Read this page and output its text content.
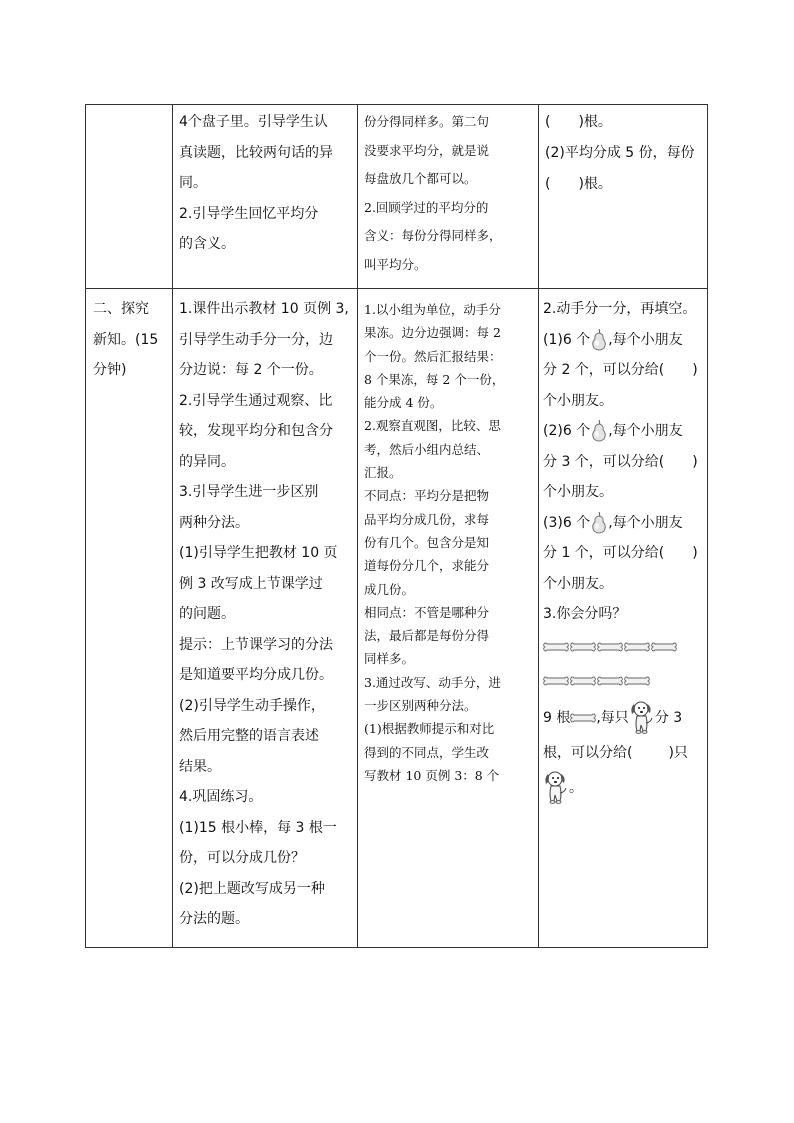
4个盘子里。引导学生认

真读题，比较两句话的异

同。

2.引导学生回忆平均分

的含义。

份分得同样多。第二句

没要求平均分，就是说

每盘放几个都可以。

2.回顾学过的平均分的

含义：每份分得同样多，

叫平均分。

(　　)根。

(2)平均分成 5 份，每份

(　　)根。

二、探究

新知。(15

分钟)

1.课件出示教材 10 页例 3,

引导学生动手分一分，边

分边说：每 2 个一份。

2.引导学生通过观察、比

较，发现平均分和包含分

的异同。

3.引导学生进一步区别

两种分法。

(1)引导学生把教材 10 页

例 3 改写成上节课学过

的问题。

提示：上节课学习的分法

是知道要平均分成几份。

(2)引导学生动手操作，

然后用完整的语言表述

结果。

4.巩固练习。

(1)15 根小棒，每 3 根一

份，可以分成几份？

(2)把上题改写成另一种

分法的题。

1.以小组为单位，动手分

果冻。边分边强调：每 2

个一份。然后汇报结果：

8 个果冻，每 2 个一份，

能分成 4 份。

2.观察直观图，比较、思

考，然后小组内总结、

汇报。

不同点：平均分是把物

品平均分成几份，求每

份有几个。包含分是知

道每份分几个，求能分

成几份。

相同点：不管是哪种分

法，最后都是每份分得

同样多。

3.通过改写、动手分，进

一步区别两种分法。

(1)根据教师提示和对比

得到的不同点，学生改

写教材 10 页例 3：8 个

2.动手分一分，再填空。

(1)6 个 ,每个小朋友

分 2 个，可以分给(　　)

个小朋友。

(2)6 个 ,每个小朋友

分 3 个，可以分给(　　)

个小朋友。

(3)6 个 ,每个小朋友

分 1 个，可以分给(　　)

个小朋友。

3.你会分吗？

9 根 ,每只 分 3

根，可以分给(	)只

。
